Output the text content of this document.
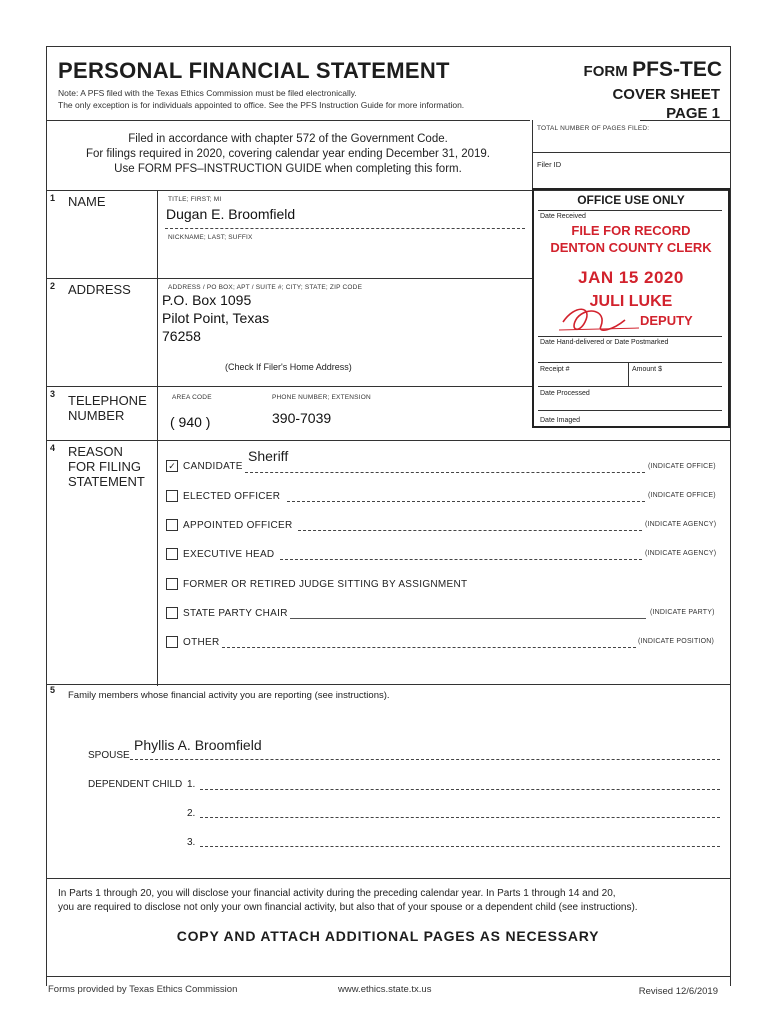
PERSONAL FINANCIAL STATEMENT
Note: A PFS filed with the Texas Ethics Commission must be filed electronically.
The only exception is for individuals appointed to office. See the PFS Instruction Guide for more information.
FORM PFS-TEC
COVER SHEET
PAGE 1
Filed in accordance with chapter 572 of the Government Code.
For filings required in 2020, covering calendar year ending December 31, 2019.
Use FORM PFS–INSTRUCTION GUIDE when completing this form.
TOTAL NUMBER OF PAGES FILED:
Filer ID
1 NAME	TITLE; FIRST; MI
Dugan E. Broomfield
NICKNAME; LAST; SUFFIX
OFFICE USE ONLY
Date Received
FILE FOR RECORD
DENTON COUNTY CLERK
JAN 15 2020
JULI LUKE
DEPUTY
Date Hand-delivered or Date Postmarked
Receipt #	Amount $
Date Processed
Date Imaged
2 ADDRESS	ADDRESS / PO BOX; APT / SUITE #; CITY; STATE; ZIP CODE
P.O. Box 1095
Pilot Point, Texas
76258
(Check If Filer's Home Address)
3 TELEPHONE
NUMBER
AREA CODE	PHONE NUMBER; EXTENSION
( 940 )	390-7039
4 REASON
FOR FILING
STATEMENT
✓ CANDIDATE
Sheriff
(INDICATE OFFICE)
ELECTED OFFICER	(INDICATE OFFICE)
APPOINTED OFFICER	(INDICATE AGENCY)
EXECUTIVE HEAD	(INDICATE AGENCY)
FORMER OR RETIRED JUDGE SITTING BY ASSIGNMENT
STATE PARTY CHAIR	(INDICATE PARTY)
OTHER	(INDICATE POSITION)
5 Family members whose financial activity you are reporting (see instructions).
SPOUSE
Phyllis A. Broomfield
DEPENDENT CHILD 1.
2.
3.
In Parts 1 through 20, you will disclose your financial activity during the preceding calendar year. In Parts 1 through 14 and 20,
you are required to disclose not only your own financial activity, but also that of your spouse or a dependent child (see instructions).
COPY AND ATTACH ADDITIONAL PAGES AS NECESSARY
Forms provided by Texas Ethics Commission	www.ethics.state.tx.us	Revised 12/6/2019
